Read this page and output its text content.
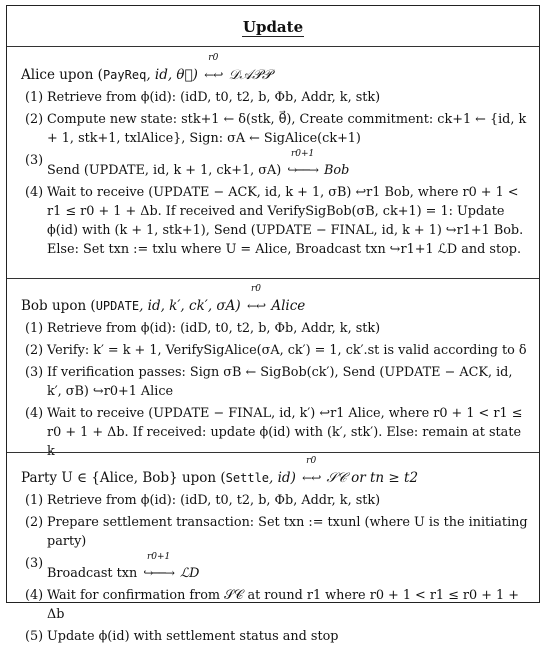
Update
Alice upon (PayReq, id, θ⃗)
r0
←↩ 𝒟𝒜𝒫𝒫
(1) Retrieve from ϕ(id): (idD, t0, t2, b, Φb, Addr, k, stk)
(2) Compute new state: stk+1 ← δ(stk, θ⃗), Create commitment: ck+1 ← {id, k + 1, stk+1, txlAlice}, Sign: σA ← SigAlice(ck+1)
(3)
Send (UPDATE, id, k + 1, ck+1, σA)
r0+1
↪──→ Bob
(4) Wait to receive (UPDATE − ACK, id, k + 1, σB) ↩r1 Bob, where r0 + 1 < r1 ≤ r0 + 1 + Δb. If received and VerifySigBob(σB, ck+1) = 1: Update ϕ(id) with (k + 1, stk+1), Send (UPDATE − FINAL, id, k + 1) ↪r1+1 Bob. Else: Set txn := txlu where U = Alice, Broadcast txn ↪r1+1 ℒD and stop.
Bob upon (UPDATE, id, k′, ck′, σA)
r0
←↩ Alice
(1) Retrieve from ϕ(id): (idD, t0, t2, b, Φb, Addr, k, stk)
(2) Verify: k′ = k + 1, VerifySigAlice(σA, ck′) = 1, ck′.st is valid according to δ
(3) If verification passes: Sign σB ← SigBob(ck′), Send (UPDATE − ACK, id, k′, σB) ↪r0+1 Alice
(4) Wait to receive (UPDATE − FINAL, id, k′) ↩r1 Alice, where r0 + 1 < r1 ≤ r0 + 1 + Δb. If received: update ϕ(id) with (k′, stk′). Else: remain at state k
Party U ∈ {Alice, Bob} upon (Settle, id)
r0
←↩ 𝒮𝒞 or tn ≥ t2
(1) Retrieve from ϕ(id): (idD, t0, t2, b, Φb, Addr, k, stk)
(2) Prepare settlement transaction: Set txn := txunl (where U is the initiating party)
(3)
Broadcast txn
r0+1
↪──→ ℒD
(4) Wait for confirmation from 𝒮𝒞 at round r1 where r0 + 1 < r1 ≤ r0 + 1 + Δb
(5) Update ϕ(id) with settlement status and stop
